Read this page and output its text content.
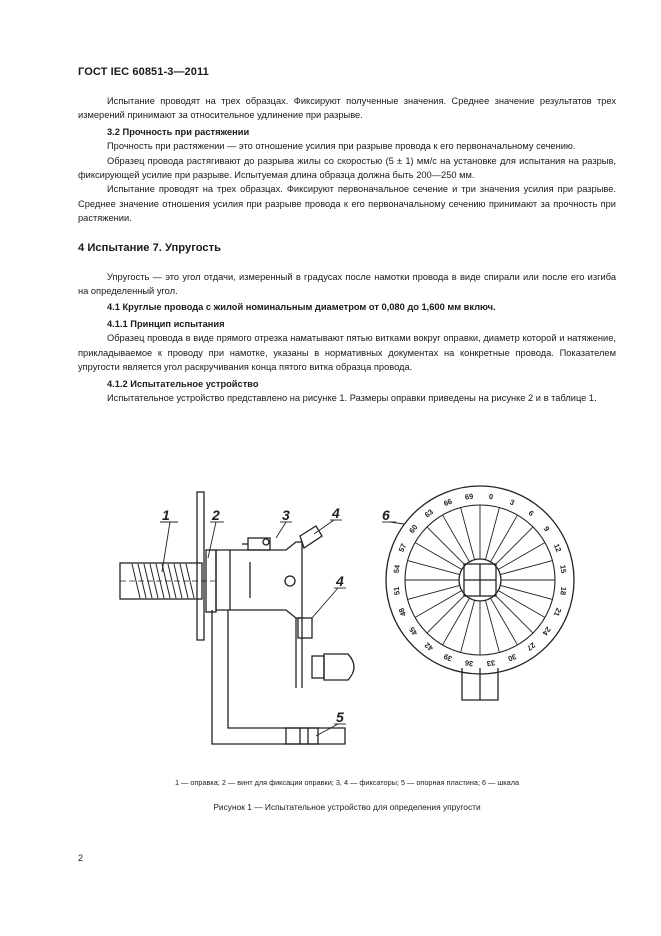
ГОСТ IEC 60851-3—2011

Испытание проводят на трех образцах. Фиксируют полученные значения. Среднее значение результатов трех измерений принимают за относительное удлинение при разрыве.

3.2 Прочность при растяжении

Прочность при растяжении — это отношение усилия при разрыве провода к его первоначальному сечению.

Образец провода растягивают до разрыва жилы со скоростью (5 ± 1) мм/с на установке для испытания на разрыв, фиксирующей усилие при разрыве. Испытуемая длина образца должна быть 200—250 мм.

Испытание проводят на трех образцах. Фиксируют первоначальное сечение и три значения усилия при разрыве. Среднее значение отношения усилия при разрыве провода к его первоначальному сечению принимают за прочность при растяжении.

4 Испытание 7. Упругость

Упругость — это угол отдачи, измеренный в градусах после намотки провода в виде спирали или после его изгиба на определенный угол.

4.1 Круглые провода с жилой номинальным диаметром от 0,080 до 1,600 мм включ.

4.1.1 Принцип испытания

Образец провода в виде прямого отрезка наматывают пятью витками вокруг оправки, диаметр которой и натяжение, прикладываемое к проводу при намотке, указаны в нормативных документах на конкретные провода. Показателем упругости является угол раскручивания конца пятого витка образца провода.

4.1.2 Испытательное устройство

Испытательное устройство представлено на рисунке 1. Размеры оправки приведены на рисунке 2 и в таблице 1.

1	2	3	4
4
5
6
0
3
6
9
12
15
18
21
24
27
30
33
36
39
42
45
48
51
54
57
60
63
66 69
1 — оправка; 2 — винт для фиксации оправки; 3, 4 — фиксаторы; 5 — опорная пластина; 6 — шкала
Рисунок 1 — Испытательное устройство для определения упругости
2
